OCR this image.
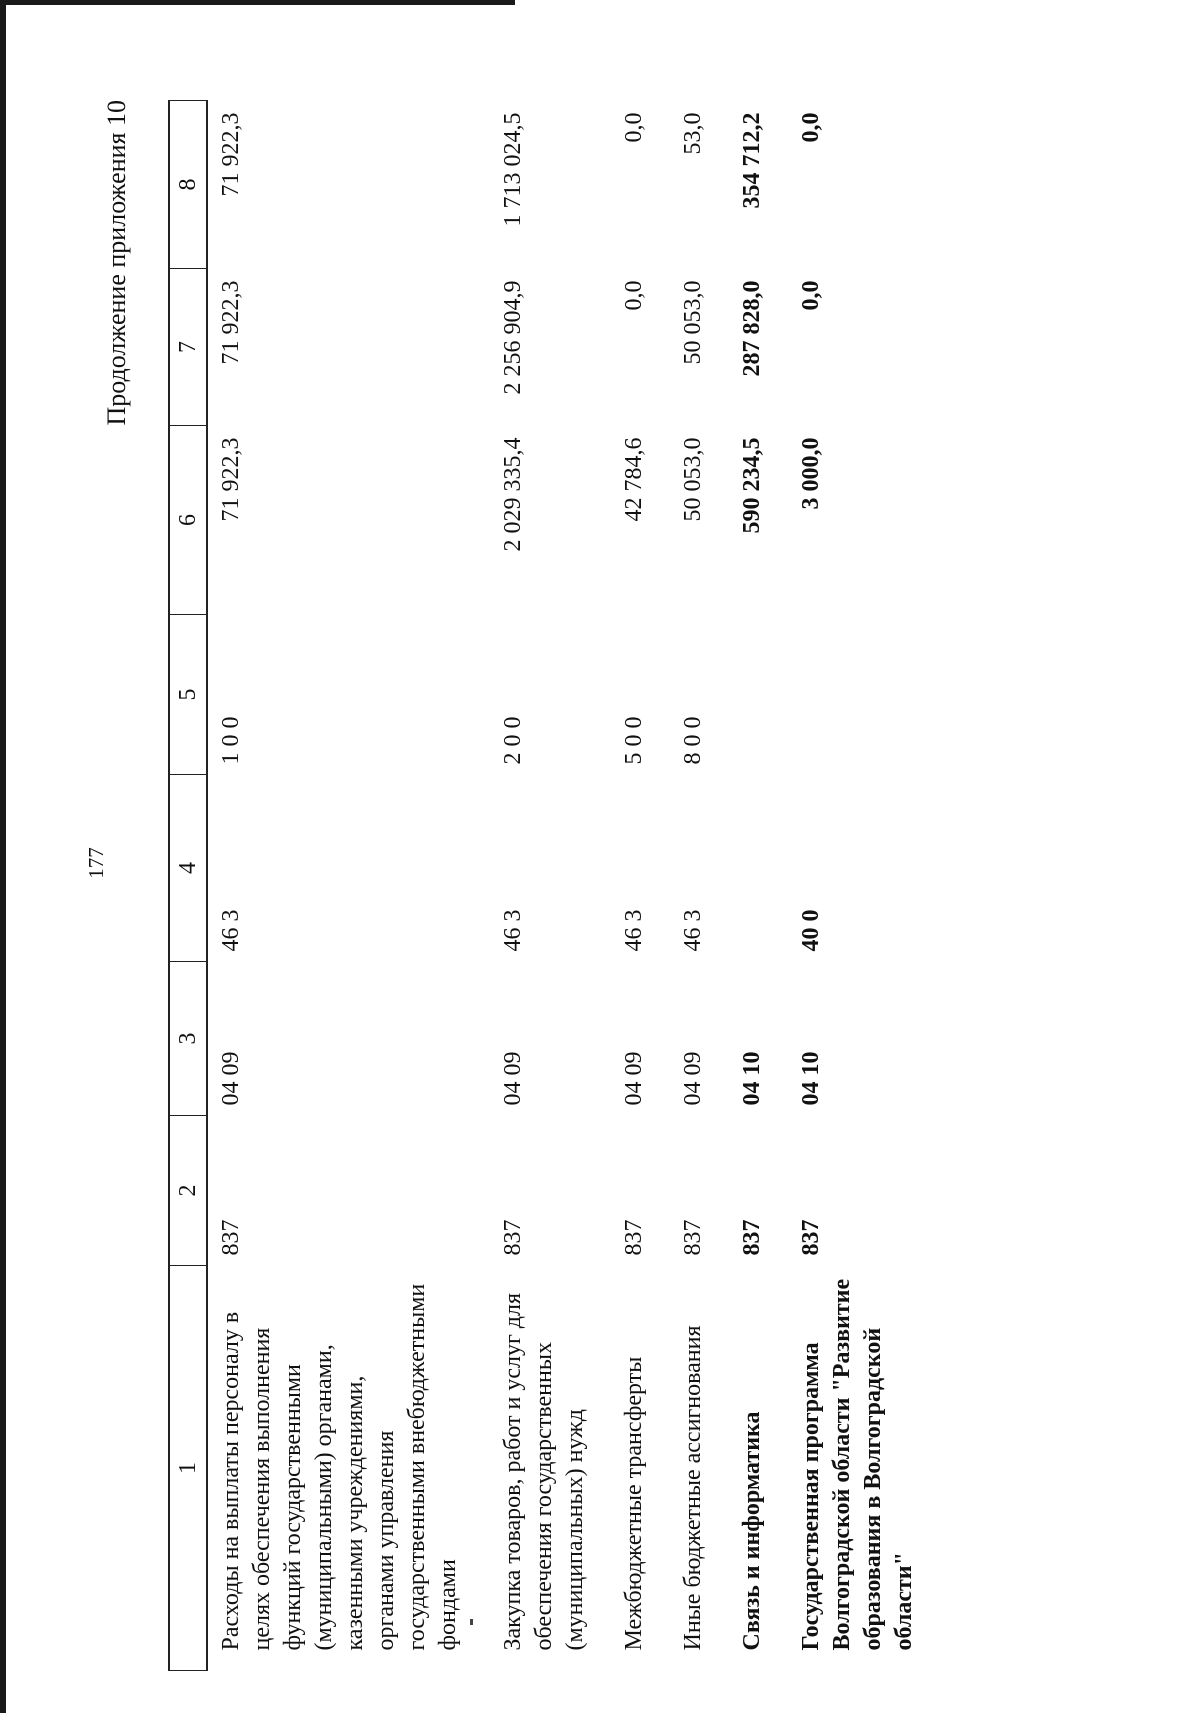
177
Продолжение приложения 10
1	2	3	4	5	6	7	8
Расходы на выплаты персоналу в целях обеспечения выполнения функций государственными (муниципальными) органами, казенными учреждениями, органами управления государственными внебюджетными фондами	837	04 09	46 3	1 0 0	71 922,3	71 922,3	71 922,3
Закупка товаров, работ и услуг для обеспечения государственных (муниципальных) нужд	837	04 09	46 3	2 0 0	2 029 335,4	2 256 904,9	1 713 024,5
Межбюджетные трансферты	837	04 09	46 3	5 0 0	42 784,6	0,0	0,0
Иные бюджетные ассигнования	837	04 09	46 3	8 0 0	50 053,0	50 053,0	53,0
Связь и информатика	837	04 10			590 234,5	287 828,0	354 712,2
Государственная программа Волгоградской области "Развитие образования в Волгоградской области"	837	04 10	40 0		3 000,0	0,0	0,0
